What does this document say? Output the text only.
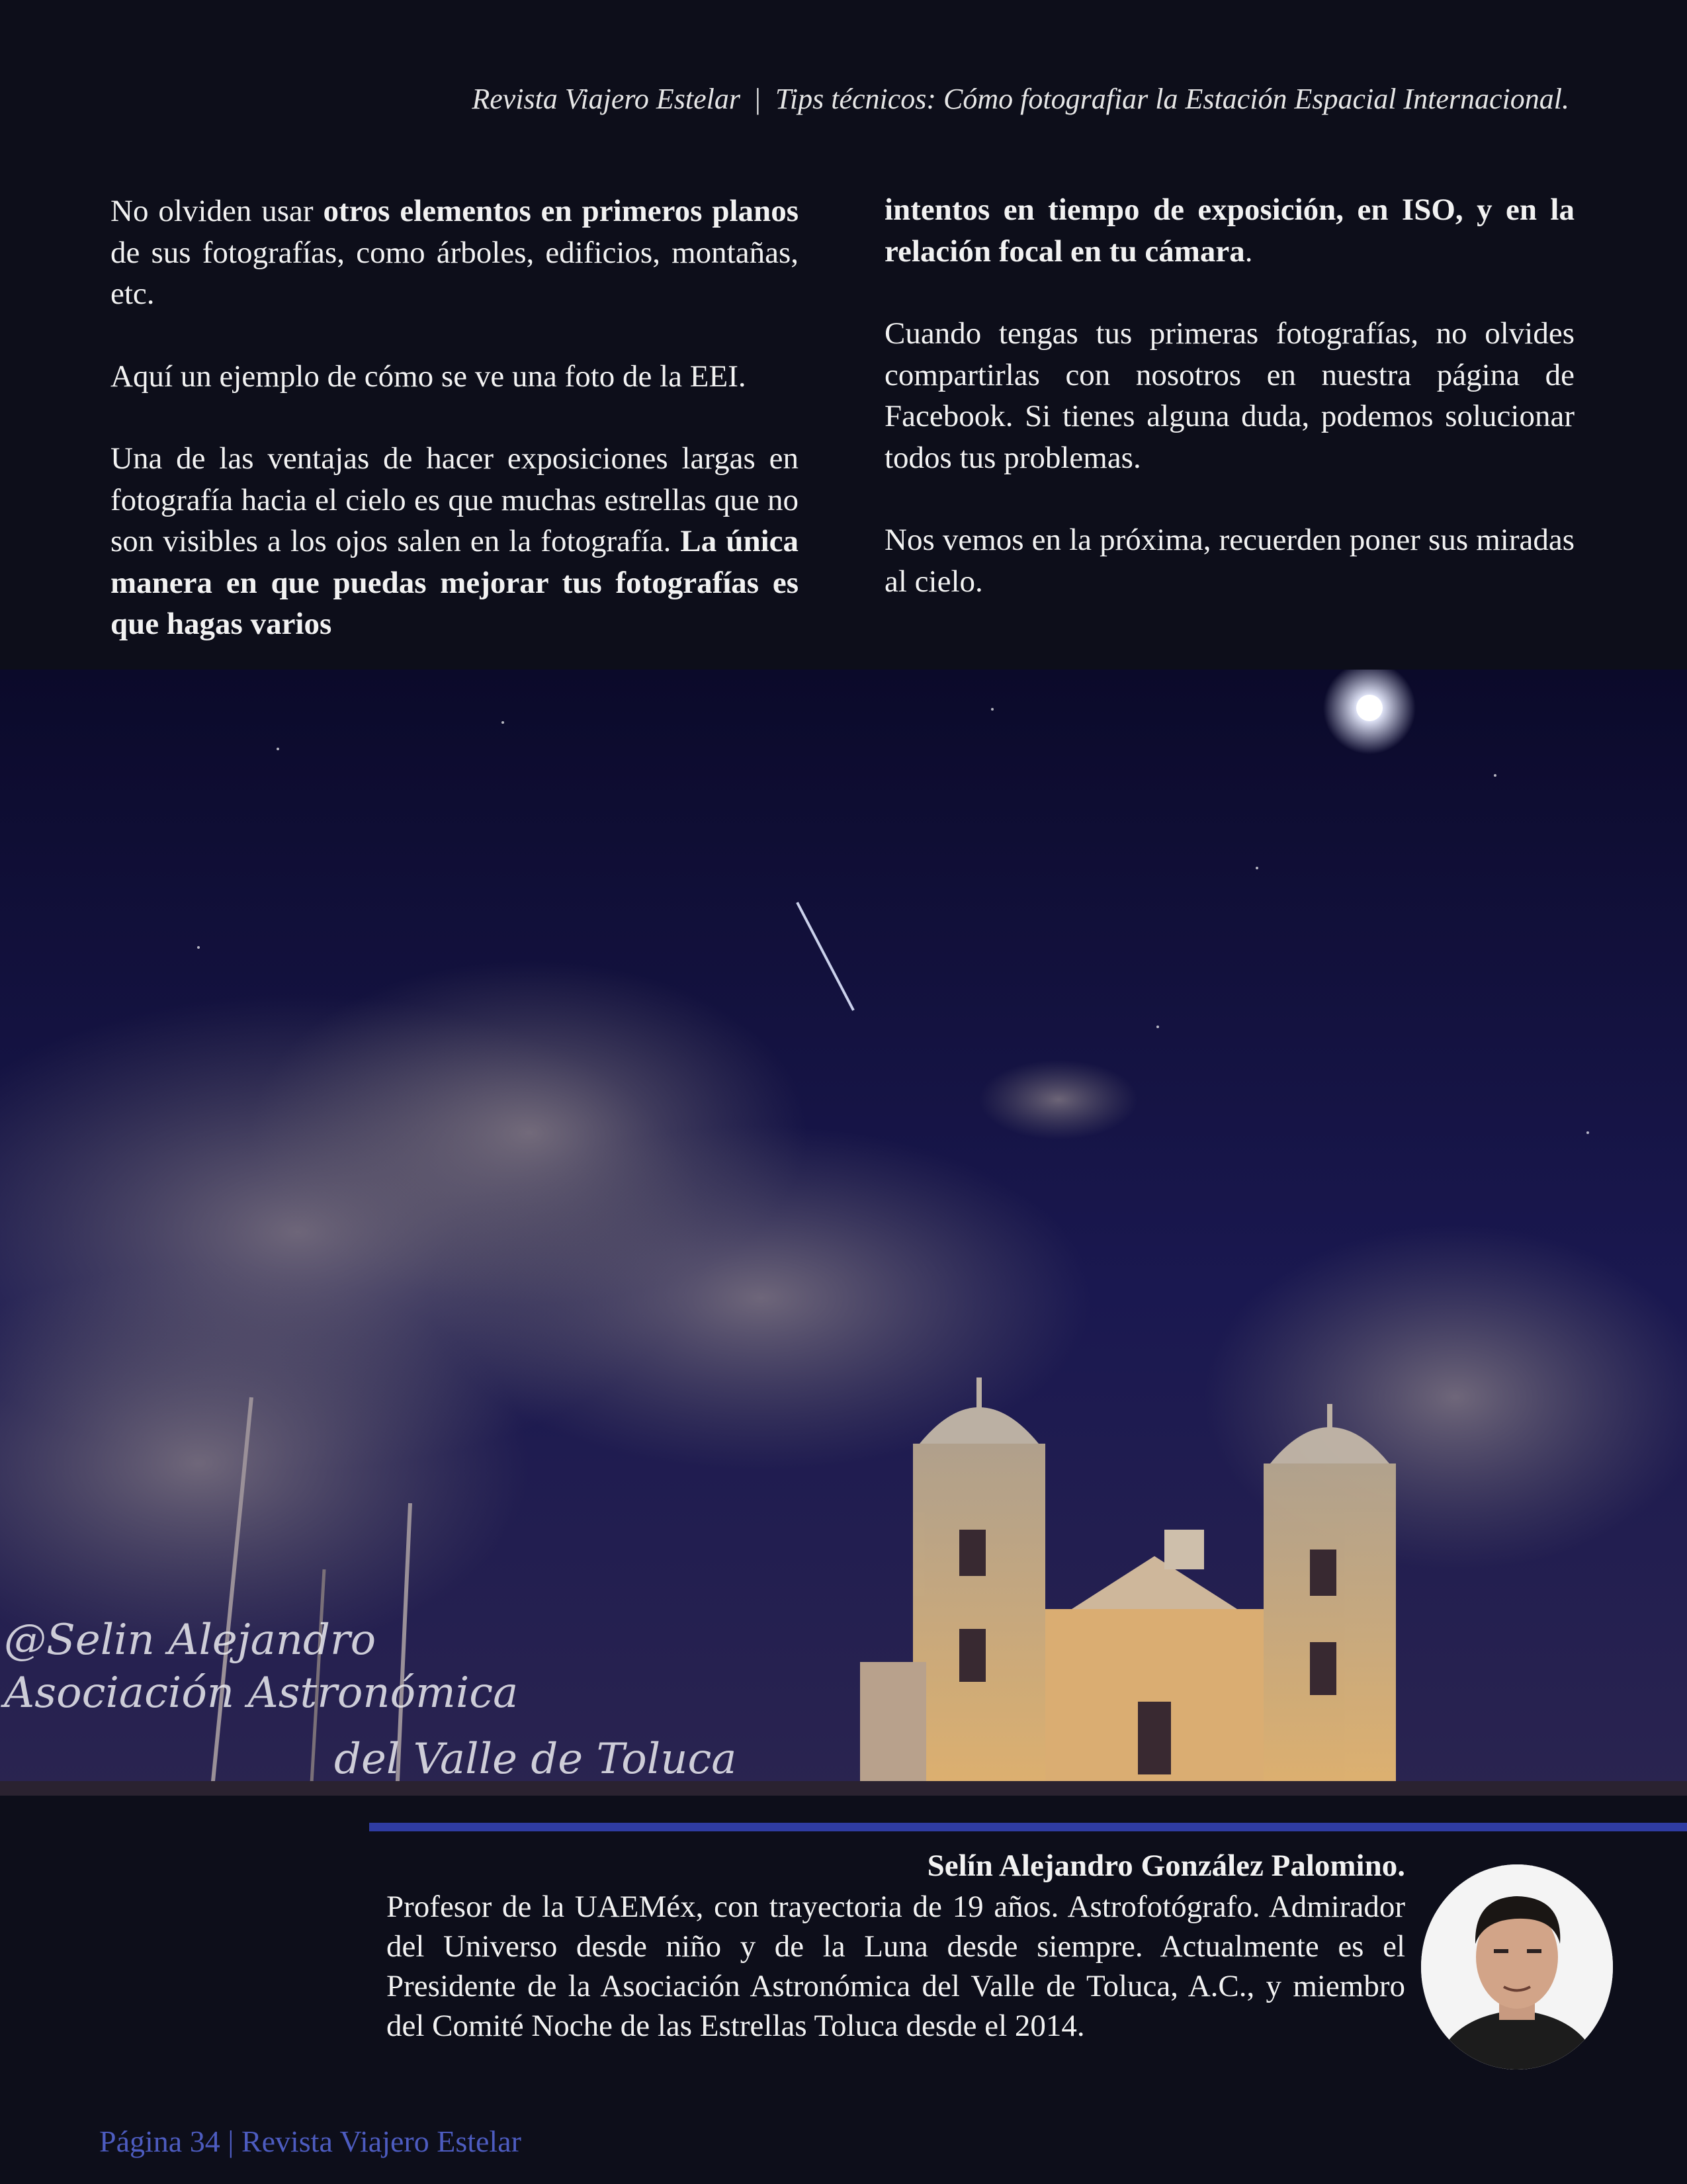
Revista Viajero Estelar | Tips técnicos: Cómo fotografiar la Estación Espacial Internacional.

No olviden usar otros elementos en primeros planos de sus fotografías, como árboles, edificios, montañas, etc.

Aquí un ejemplo de cómo se ve una foto de la EEI.

Una de las ventajas de hacer exposiciones largas en fotografía hacia el cielo es que muchas estrellas que no son visibles a los ojos salen en la fotografía. La única manera en que puedas mejorar tus fotografías es que hagas varios

intentos en tiempo de exposición, en ISO, y en la relación focal en tu cámara.

Cuando tengas tus primeras fotografías, no olvides compartirlas con nosotros en nuestra página de Facebook. Si tienes alguna duda, podemos solucionar todos tus problemas.

Nos vemos en la próxima, recuerden poner sus miradas al cielo.

@Selin Alejandro
Asociación Astronómica
del Valle de Toluca
Selín Alejandro González Palomino.
Profesor de la UAEMéx, con trayectoria de 19 años. Astrofotógrafo. Admirador del Universo desde niño y de la Luna desde siempre. Actualmente es el Presidente de la Asociación Astronómica del Valle de Toluca, A.C., y miembro del Comité Noche de las Estrellas Toluca desde el 2014.
Página 34 | Revista Viajero Estelar
